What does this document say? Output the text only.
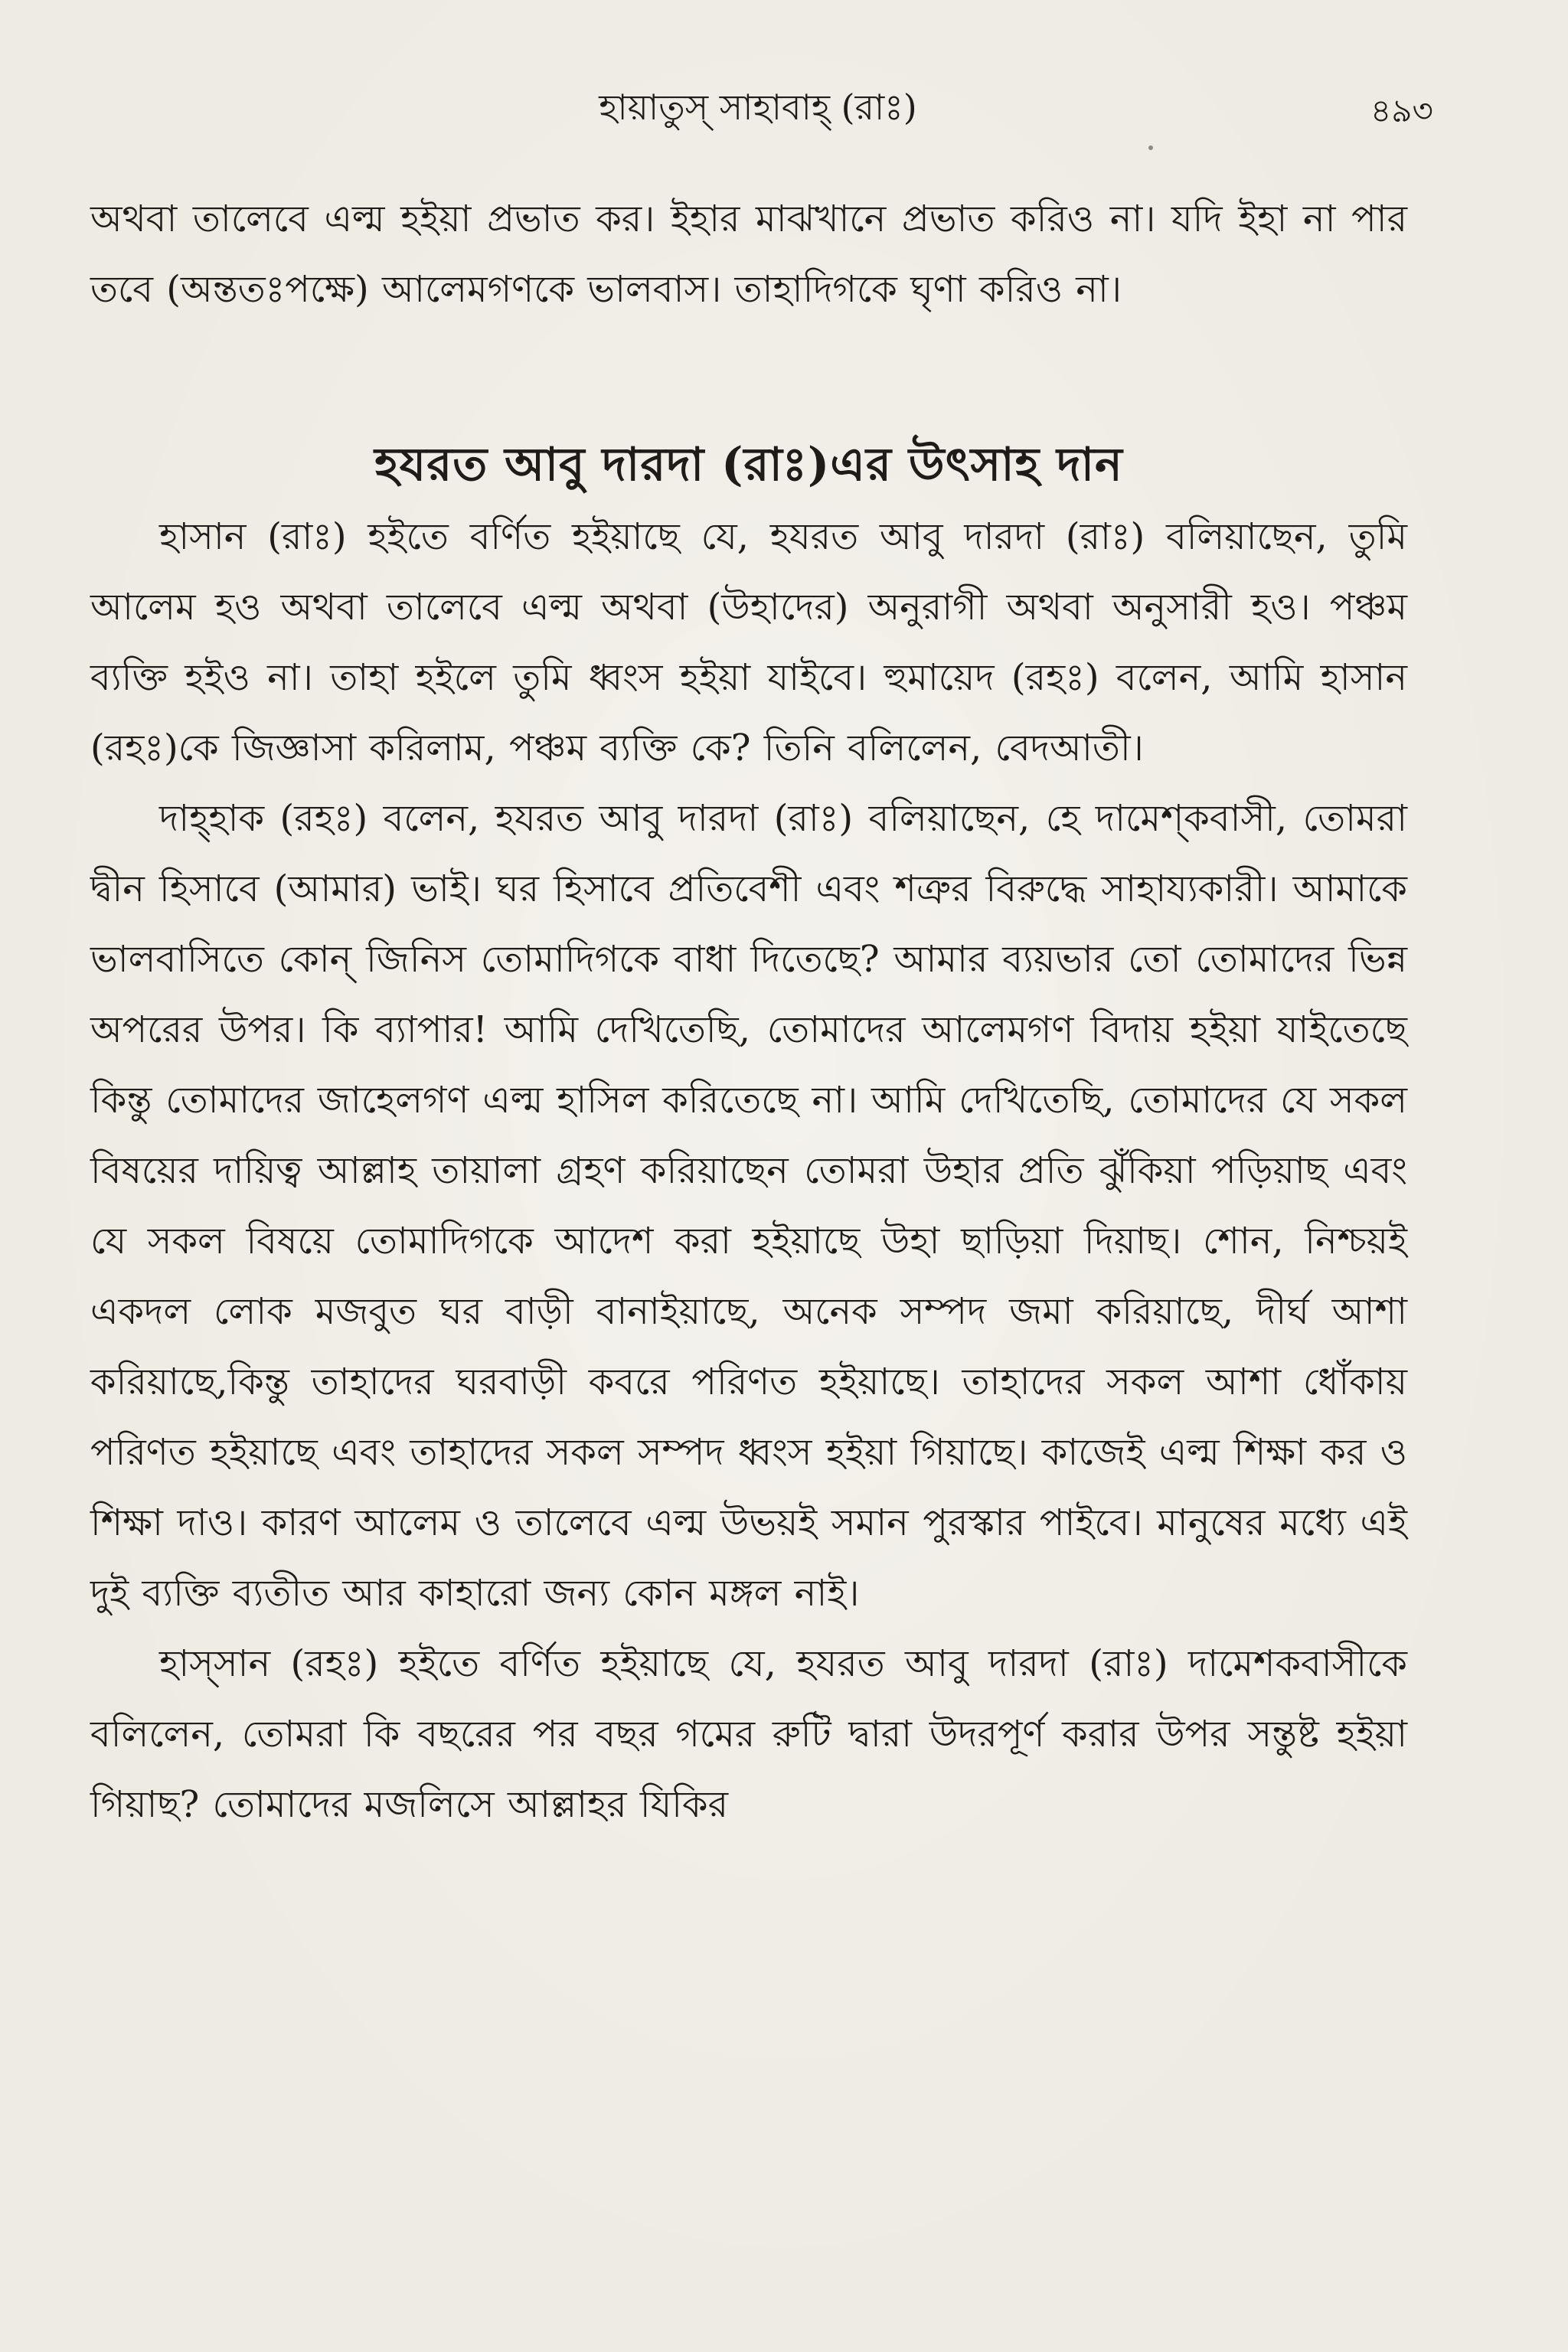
হায়াতুস্ সাহাবাহ্ (রাঃ)	৪৯৩

অথবা তালেবে এল্ম হইয়া প্রভাত কর। ইহার মাঝখানে প্রভাত করিও না। যদি ইহা না পার তবে (অন্ততঃপক্ষে) আলেমগণকে ভালবাস। তাহাদিগকে ঘৃণা করিও না।

হযরত আবু দারদা (রাঃ)এর উৎসাহ দান

হাসান (রাঃ) হইতে বর্ণিত হইয়াছে যে, হযরত আবু দারদা (রাঃ) বলিয়াছেন, তুমি আলেম হও অথবা তালেবে এল্ম অথবা (উহাদের) অনুরাগী অথবা অনুসারী হও। পঞ্চম ব্যক্তি হইও না। তাহা হইলে তুমি ধ্বংস হইয়া যাইবে। হুমায়েদ (রহঃ) বলেন, আমি হাসান (রহঃ)কে জিজ্ঞাসা করিলাম, পঞ্চম ব্যক্তি কে? তিনি বলিলেন, বেদআতী।

দাহ্হাক (রহঃ) বলেন, হযরত আবু দারদা (রাঃ) বলিয়াছেন, হে দামেশ্কবাসী, তোমরা দ্বীন হিসাবে (আমার) ভাই। ঘর হিসাবে প্রতিবেশী এবং শত্রুর বিরুদ্ধে সাহায্যকারী। আমাকে ভালবাসিতে কোন্ জিনিস তোমাদিগকে বাধা দিতেছে? আমার ব্যয়ভার তো তোমাদের ভিন্ন অপরের উপর। কি ব্যাপার! আমি দেখিতেছি, তোমাদের আলেমগণ বিদায় হইয়া যাইতেছে কিন্তু তোমাদের জাহেলগণ এল্ম হাসিল করিতেছে না। আমি দেখিতেছি, তোমাদের যে সকল বিষয়ের দায়িত্ব আল্লাহ তায়ালা গ্রহণ করিয়াছেন তোমরা উহার প্রতি ঝুঁকিয়া পড়িয়াছ এবং যে সকল বিষয়ে তোমাদিগকে আদেশ করা হইয়াছে উহা ছাড়িয়া দিয়াছ। শোন, নিশ্চয়ই একদল লোক মজবুত ঘর বাড়ী বানাইয়াছে, অনেক সম্পদ জমা করিয়াছে, দীর্ঘ আশা করিয়াছে,কিন্তু তাহাদের ঘরবাড়ী কবরে পরিণত হইয়াছে। তাহাদের সকল আশা ধোঁকায় পরিণত হইয়াছে এবং তাহাদের সকল সম্পদ ধ্বংস হইয়া গিয়াছে। কাজেই এল্ম শিক্ষা কর ও শিক্ষা দাও। কারণ আলেম ও তালেবে এল্ম উভয়ই সমান পুরস্কার পাইবে। মানুষের মধ্যে এই দুই ব্যক্তি ব্যতীত আর কাহারো জন্য কোন মঙ্গল নাই।

হাস্সান (রহঃ) হইতে বর্ণিত হইয়াছে যে, হযরত আবু দারদা (রাঃ) দামেশকবাসীকে বলিলেন, তোমরা কি বছরের পর বছর গমের রুটি দ্বারা উদরপূর্ণ করার উপর সন্তুষ্ট হইয়া গিয়াছ? তোমাদের মজলিসে আল্লাহর যিকির
